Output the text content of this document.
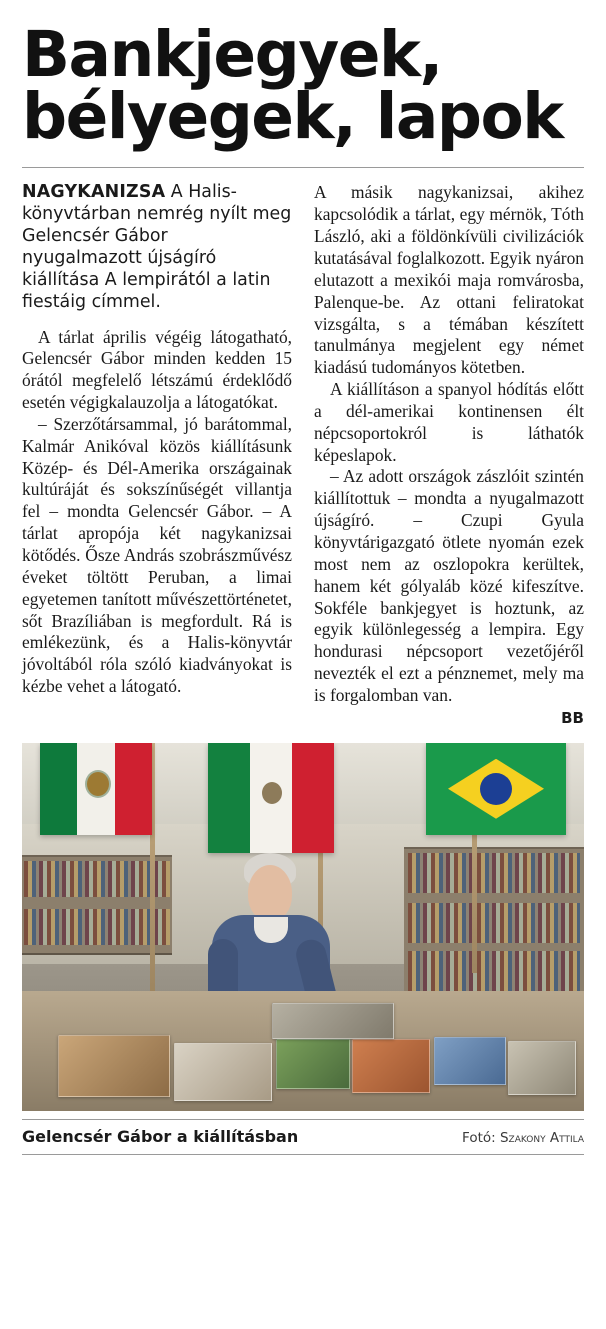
Bankjegyek,
bélyegek, lapok

NAGYKANIZSA A Halis-könyvtárban nemrég nyílt meg Gelencsér Gábor nyugalmazott újságíró kiállítása A lempirától a latin fiestáig címmel.

A tárlat április végéig látogatható, Gelencsér Gábor minden kedden 15 órától megfelelő létszámú érdeklődő esetén végigkalauzolja a látogatókat.

– Szerzőtársammal, jó barátommal, Kalmár Anikóval közös kiállításunk Közép- és Dél-Amerika országainak kultúráját és sokszínűségét villantja fel – mondta Gelencsér Gábor. – A tárlat apropója két nagykanizsai kötődés. Ősze András szobrászművész éveket töltött Peruban, a limai egyetemen tanított művészettörténetet, sőt Brazíliában is megfordult. Rá is emlékezünk, és a Halis-könyvtár jóvoltából róla szóló kiadványokat is kézbe vehet a látogató.

A másik nagykanizsai, akihez kapcsolódik a tárlat, egy mérnök, Tóth László, aki a földönkívüli civilizációk kutatásával foglalkozott. Egyik nyáron elutazott a mexikói maja romvárosba, Palenque-be. Az ottani feliratokat vizsgálta, s a témában készített tanulmánya megjelent egy német kiadású tudományos kötetben.

A kiállításon a spanyol hódítás előtt a dél-amerikai kontinensen élt népcsoportokról is láthatók képeslapok.

– Az adott országok zászlóit szintén kiállítottuk – mondta a nyugalmazott újságíró. – Czupi Gyula könyvtárigazgató ötlete nyomán ezek most nem az oszlopokra kerültek, hanem két gólyaláb közé kifeszítve. Sokféle bankjegyet is hoztunk, az egyik különlegesség a lempira. Egy hondurasi népcsoport vezetőjéről nevezték el ezt a pénznemet, mely ma is forgalomban van.

BB
Gelencsér Gábor a kiállításban	Fotó: Szakony Attila
